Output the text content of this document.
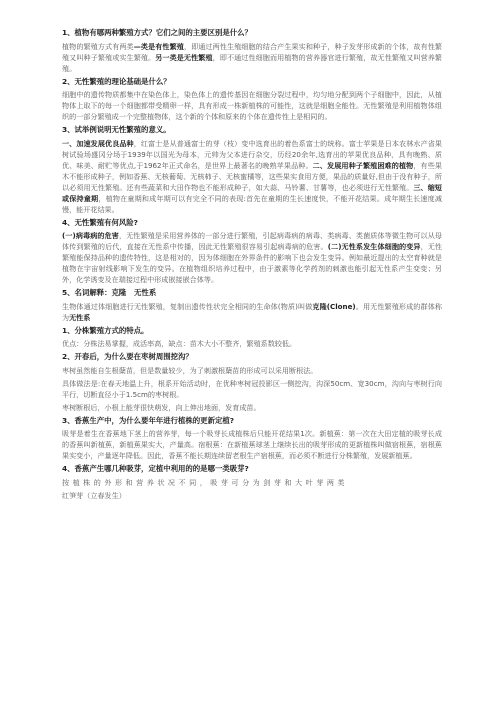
1、植物有哪两种繁殖方式？它们之间的主要区别是什么？

植物的繁殖方式有两类—类是有性繁殖，即通过两性生殖细胞的结合产生果实和种子，种子发芽形成新的个体，故有性繁殖又叫种子繁殖或实生繁殖。另一类是无性繁殖，即不通过性细胞而用植物的营养器官进行繁殖，故无性繁殖又叫营养繁殖。

2、无性繁殖的理论基础是什么？

细胞中的遗传物质都集中在染色体上，染色体上的遗传基因在细胞分裂过程中，均匀地分配到两个子细胞中，因此，从植物体上取下的每一个细胞都带受精卵一样，具有形成一株新植株的可能性，这就是细胞全能性。无性繁殖是利用植物体组织的一部分繁殖成一个完整植物体，这个新的个体和原来的个体在遗传性上是相同的。

3、试举例说明无性繁殖的意义。

一、加速发展优良品种，红富士是从普通富士的芽（枝）变中选育出的着色系富士的统称。富士苹果是日本农林水产省果树试验场盛冈分场于1939年以国光为母本，元帅为父本进行杂交，历经20余年,选育出的苹果优良品种，具有晚熟、质优、味美、耐贮等优点,于1962年正式命名，是世界上最著名的晚熟苹果品种。二、发展用种子繁殖困难的植物，有些果木不能形成种子，例如香蕉、无核葡萄、无核柿子、无核蜜橘等，这些果实食用方便，果品的质量好,但由于没有种子，所以必须用无性繁殖。还有些蔬菜和大田作物也不能形成种子，如大蒜、马铃薯、甘薯等，也必须进行无性繁殖。三、缩短或保持童期，植物在童期和成年期可以有完全不同的表现:首先在童期的生长速度快，不能开花结果。成年期生长速度减慢，能开花结果。

4、无性繁殖有何风险?

(一)病毒病的危害，无性繁殖是采用营养体的一部分进行繁殖，引起病毒病的病毒、类病毒、类菌质体等微生物可以从母体传到繁殖的后代，直接在无性系中传播，因此无性繁殖很容易引起病毒病的危害。(二)无性系发生体细胞的变异，无性繁殖能保持品种的遗传特性，这是相对的，因为体细胞在外界条件的影响下也会发生变异。例如最近提出的太空育种就是植物在宇宙射线影响下发生的变异。在植物组织培养过程中，由于激素等化学药剂的刺激也能引起无性系产生变变；另外，化学诱变及在瑞接过程中形成嵌接嵌合体等。

5、名词解释：克隆 无性系

生物体通过体细胞进行无性繁殖，复制出遗传性状完全相同的生命体(物质)叫做克隆(Clone)。用无性繁殖形成的群体称为无性系

1、分株繁殖方式的特点。

优点：分株法易掌握，成活率高，缺点：苗木大小不整齐，繁殖系数较低。

2、开春后，为什么要在枣树周围挖沟？

枣树虽然能自生根蘖苗，但是数量较少，为了刺激根蘖苗的形成可以采用断根法。

具体做法是:在春天地温上升，根系开始活动时，在优种枣树冠投影区一侧挖沟，沟深50cm、宽30cm，沟向与枣树行向平行，切断直径小于1.5cm的枣树根。

枣树断根后，小根上能芽很快萌发，向上伸出地面，发育成苗。

3、香蕉生产中，为什么要年年进行植株的更新定植?

吸芽是着生在香蕉地下茎上的营养芽，每一个吸芽长成植株后只能开花结果1次。新植蕉：第一次在大田定植的吸芽长成的香蕉叫新植蕉，新植蕉果实大，产量高。宿根蕉：在新植蕉球茎上继续长出的吸芽形成的更新植株叫做宿根蕉，宿根蕉果实变小，产量逐年降低。因此，香蕉不能长期连续留老根生产宿根蕉，而必须不断进行分株繁殖，发展新植蕉。

4、香蕉产生哪几种吸芽，定植中利用的的是哪一类吸芽?

按植株的外形和营养状况不同，吸芽可分为剑芽和大叶芽两类

红笋芽（立春发生）
